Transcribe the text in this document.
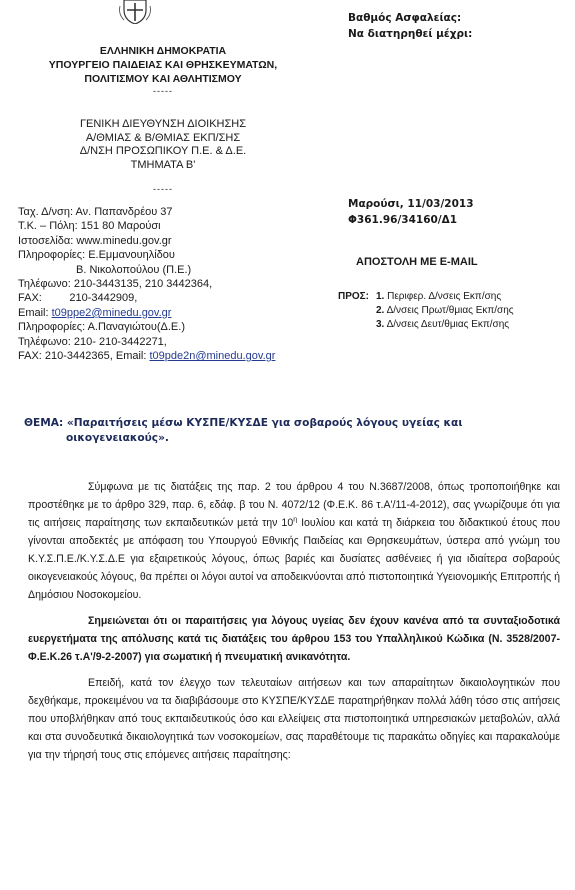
ΕΛΛΗΝΙΚΗ ΔΗΜΟΚΡΑΤΙΑ
ΥΠΟΥΡΓΕΙΟ ΠΑΙΔΕΙΑΣ ΚΑΙ ΘΡΗΣΚΕΥΜΑΤΩΝ,
ΠΟΛΙΤΙΣΜΟΥ ΚΑΙ ΑΘΛΗΤΙΣΜΟΥ
-----
ΓΕΝΙΚΗ ΔΙΕΥΘΥΝΣΗ ΔΙΟΙΚΗΣΗΣ
Α/ΘΜΙΑΣ & Β/ΘΜΙΑΣ ΕΚΠ/ΣΗΣ
Δ/ΝΣΗ ΠΡΟΣΩΠΙΚΟΥ Π.Ε. & Δ.Ε.
ΤΜΗΜΑΤΑ Β'
-----
Ταχ. Δ/νση: Αν. Παπανδρέου 37
Τ.Κ. – Πόλη: 151 80 Μαρούσι
Ιστοσελίδα: www.minedu.gov.gr
Πληροφορίες: Ε.Εμμανουηλίδου
Β. Νικολοπούλου (Π.Ε.)
Τηλέφωνο: 210-3443135, 210 3442364,
FAX:         210-3442909,
Email: t09ppe2@minedu.gov.gr
Πληροφορίες: Α.Παναγιώτου(Δ.Ε.)
Τηλέφωνο: 210- 210-3442271,
FAX: 210-3442365, Email: t09pde2n@minedu.gov.gr
Βαθμός Ασφαλείας:
Να διατηρηθεί μέχρι:
Μαρούσι, 11/03/2013
Φ361.96/34160/Δ1
ΑΠΟΣΤΟΛΗ ΜΕ E-MAIL
ΠΡΟΣ: 1. Περιφερ. Δ/νσεις Εκπ/σης
2. Δ/νσεις Πρωτ/θμιας Εκπ/σης
3. Δ/νσεις Δευτ/θμιας Εκπ/σης
ΘΕΜΑ: «Παραιτήσεις μέσω ΚΥΣΠΕ/ΚΥΣΔΕ για σοβαρούς λόγους υγείας και
οικογενειακούς».

Σύμφωνα με τις διατάξεις της παρ. 2 του άρθρου 4 του Ν.3687/2008, όπως τροποποιήθηκε και προστέθηκε με το άρθρο 329, παρ. 6, εδάφ. β του Ν. 4072/12 (Φ.Ε.Κ. 86 τ.Α'/11-4-2012), σας γνωρίζουμε ότι για τις αιτήσεις παραίτησης των εκπαιδευτικών μετά την $10^\eta$ Ιουλίου και κατά τη διάρκεια του διδακτικού έτους που γίνονται αποδεκτές με απόφαση του Υπουργού Εθνικής Παιδείας και Θρησκευμάτων, ύστερα από γνώμη του Κ.Υ.Σ.Π.Ε./Κ.Υ.Σ.Δ.Ε για εξαιρετικούς λόγους, όπως βαριές και δυσίατες ασθένειες ή για ιδιαίτερα σοβαρούς οικογενειακούς λόγους, θα πρέπει οι λόγοι αυτοί να αποδεικνύονται από πιστοποιητικά Υγειονομικής Επιτροπής ή Δημόσιου Νοσοκομείου.

Σημειώνεται ότι οι παραιτήσεις για λόγους υγείας δεν έχουν κανένα από τα συνταξιοδοτικά ευεργετήματα της απόλυσης κατά τις διατάξεις του άρθρου 153 του Υπαλληλικού Κώδικα (Ν. 3528/2007-Φ.Ε.Κ.26 τ.Α'/9-2-2007) για σωματική ή πνευματική ανικανότητα.

Επειδή, κατά τον έλεγχο των τελευταίων αιτήσεων και των απαραίτητων δικαιολογητικών που δεχθήκαμε, προκειμένου να τα διαβιβάσουμε στο ΚΥΣΠΕ/ΚΥΣΔΕ παρατηρήθηκαν πολλά λάθη τόσο στις αιτήσεις που υποβλήθηκαν από τους εκπαιδευτικούς όσο και ελλείψεις στα πιστοποιητικά υπηρεσιακών μεταβολών, αλλά και στα συνοδευτικά δικαιολογητικά των νοσοκομείων, σας παραθέτουμε τις παρακάτω οδηγίες και παρακαλούμε για την τήρησή τους στις επόμενες αιτήσεις παραίτησης:
